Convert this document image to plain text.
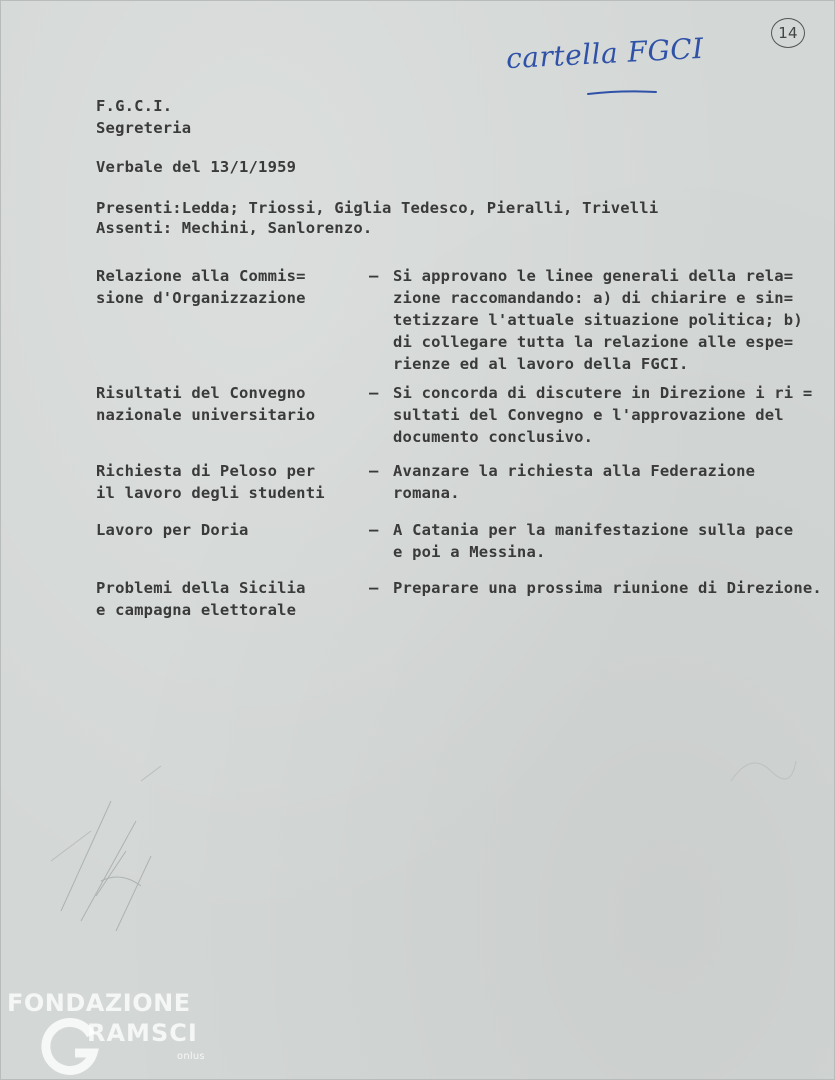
cartella FGCI	14
F.G.C.I.
Segreteria
Verbale del 13/1/1959
Presenti:Ledda; Triossi, Giglia Tedesco, Pieralli, Trivelli
Assenti: Mechini, Sanlorenzo.
Relazione alla Commis=
sione d'Organizzazione
– Si approvano le linee generali della rela=
zione raccomandando: a) di chiarire e sin=
tetizzare l'attuale situazione politica; b)
di collegare tutta la relazione alle espe=
rienze ed al lavoro della FGCI.
Risultati del Convegno
nazionale universitario
– Si concorda di discutere in Direzione i ri =
sultati del Convegno e l'approvazione del
documento conclusivo.
Richiesta di Peloso per
il lavoro degli studenti
– Avanzare la richiesta alla Federazione
romana.
Lavoro per Doria	– A Catania per la manifestazione sulla pace
e poi a Messina.
Problemi della Sicilia
e campagna elettorale
– Preparare una prossima riunione di Direzione.
FONDAZIONE
RAMSCI
onlus
